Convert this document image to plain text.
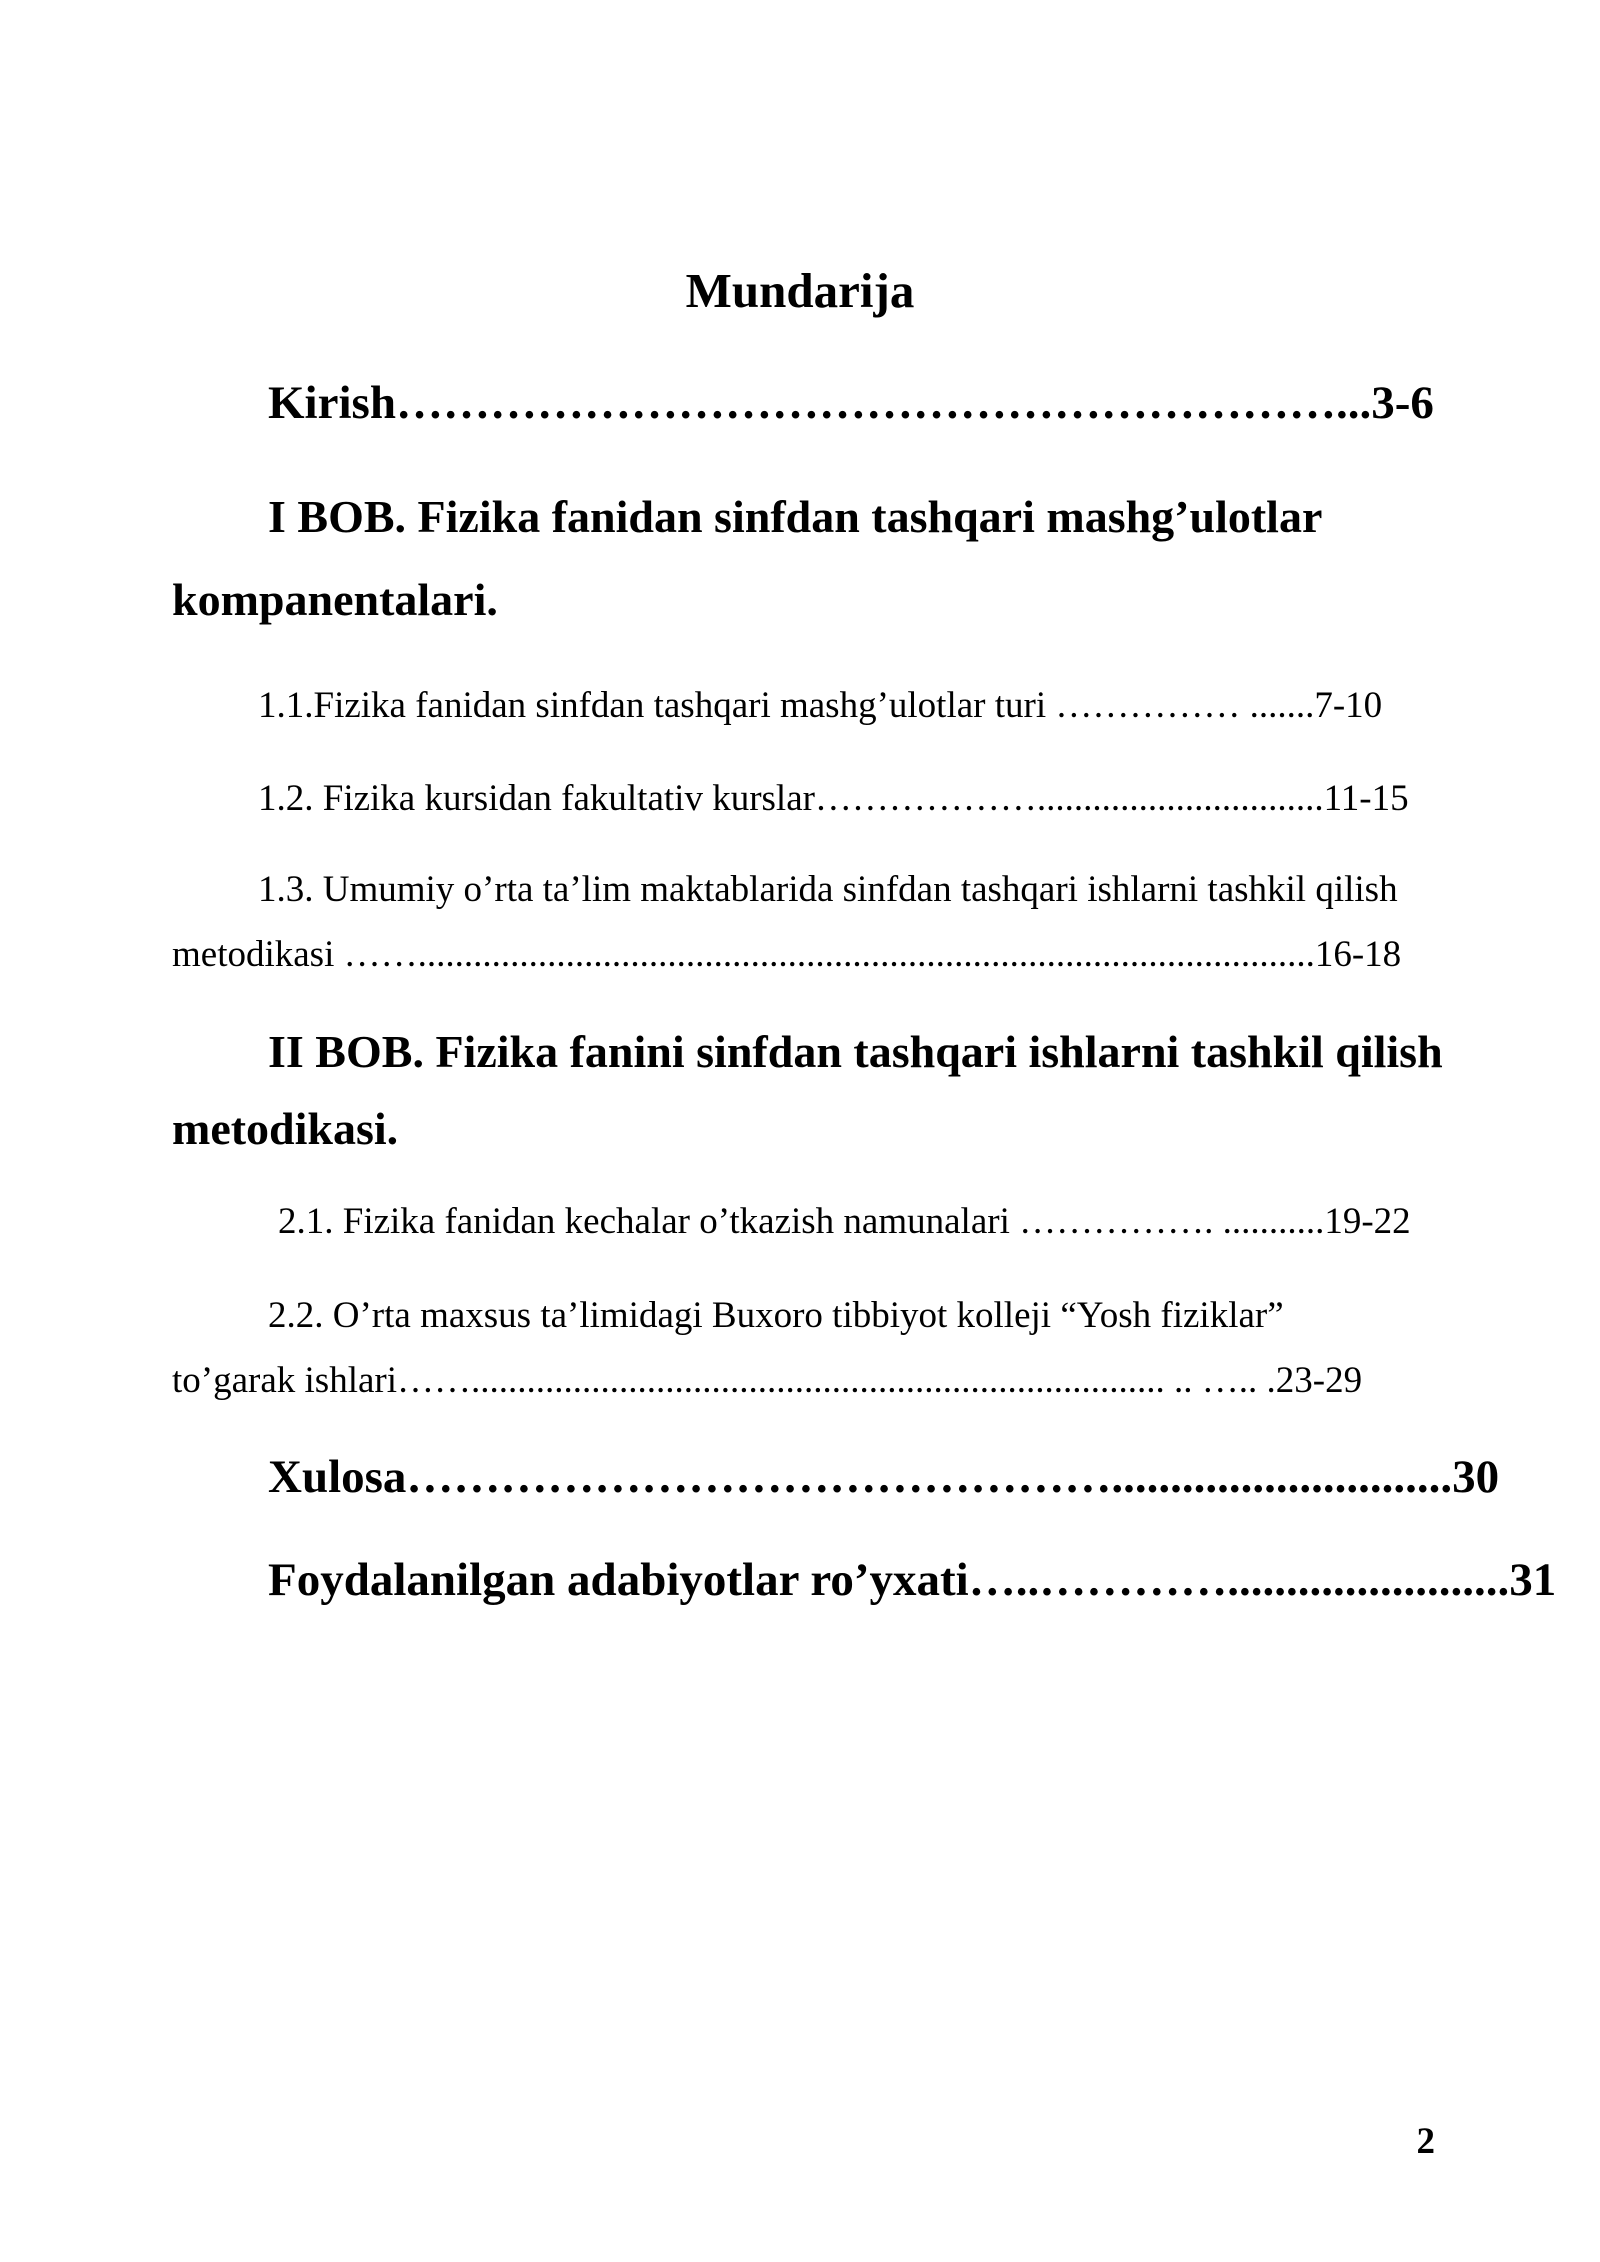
Mundarija
Kirish……………………………………………………...3-6
I BOB. Fizika fanidan sinfdan tashqari mashg’ulotlar
kompanentalari.
1.1.Fizika fanidan sinfdan tashqari mashg’ulotlar turi …………… .......7-10
1.2. Fizika kursidan fakultativ kurslar………………...............................11-15
1.3. Umumiy o’rta ta’lim maktablarida sinfdan tashqari ishlarni tashkil qilish
metodikasi …….................................................................................................16-18
II BOB. Fizika fanini sinfdan tashqari ishlarni tashkil qilish
metodikasi.
2.1. Fizika fanidan kechalar o’tkazish namunalari ……………. ...........19-22
2.2. O’rta maxsus ta’limidagi Buxoro tibbiyot kolleji “Yosh fiziklar”
to’garak ishlari……........................................................................... .. ….. .23-29
Xulosa……………………………………….............................30
Foydalanilgan adabiyotlar ro’yxati…..…………........................31
2
